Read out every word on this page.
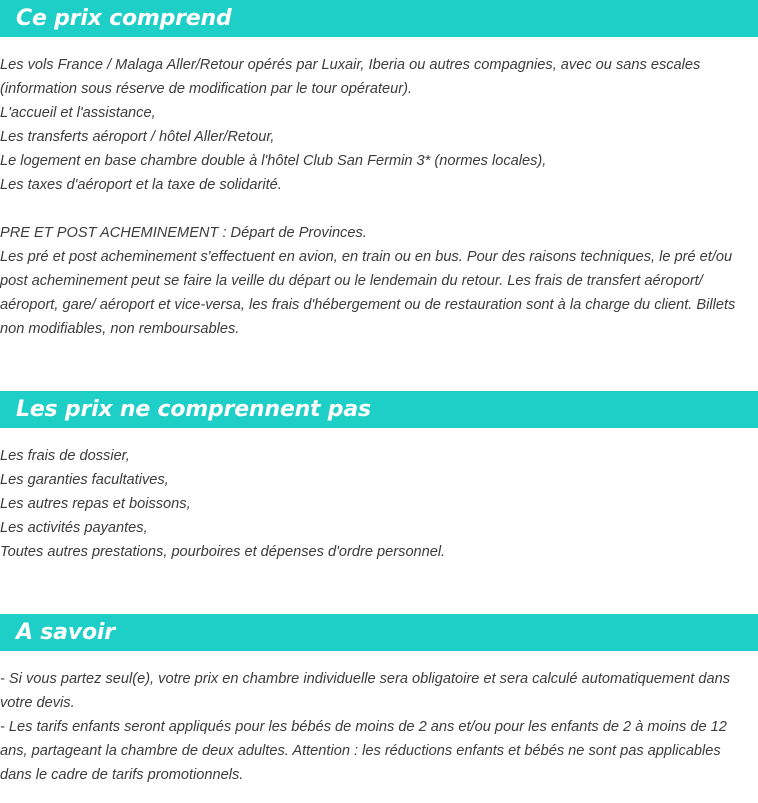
Ce prix comprend
Les vols France / Malaga Aller/Retour opérés par Luxair, Iberia ou autres compagnies, avec ou sans escales
(information sous réserve de modification par le tour opérateur).
L'accueil et l'assistance,
Les transferts aéroport / hôtel Aller/Retour,
Le logement en base chambre double à l'hôtel Club San Fermin 3* (normes locales),
Les taxes d'aéroport et la taxe de solidarité.
PRE ET POST ACHEMINEMENT : Départ de Provinces.
Les pré et post acheminement s'effectuent en avion, en train ou en bus. Pour des raisons techniques, le pré et/ou post acheminement peut se faire la veille du départ ou le lendemain du retour. Les frais de transfert aéroport/ aéroport, gare/ aéroport et vice-versa, les frais d'hébergement ou de restauration sont à la charge du client. Billets non modifiables, non remboursables.
Les prix ne comprennent pas
Les frais de dossier,
Les garanties facultatives,
Les autres repas et boissons,
Les activités payantes,
Toutes autres prestations, pourboires et dépenses d'ordre personnel.
A savoir
- Si vous partez seul(e), votre prix en chambre individuelle sera obligatoire et sera calculé automatiquement dans votre devis.
- Les tarifs enfants seront appliqués pour les bébés de moins de 2 ans et/ou pour les enfants de 2 à moins de 12 ans, partageant la chambre de deux adultes. Attention : les réductions enfants et bébés ne sont pas applicables dans le cadre de tarifs promotionnels.
